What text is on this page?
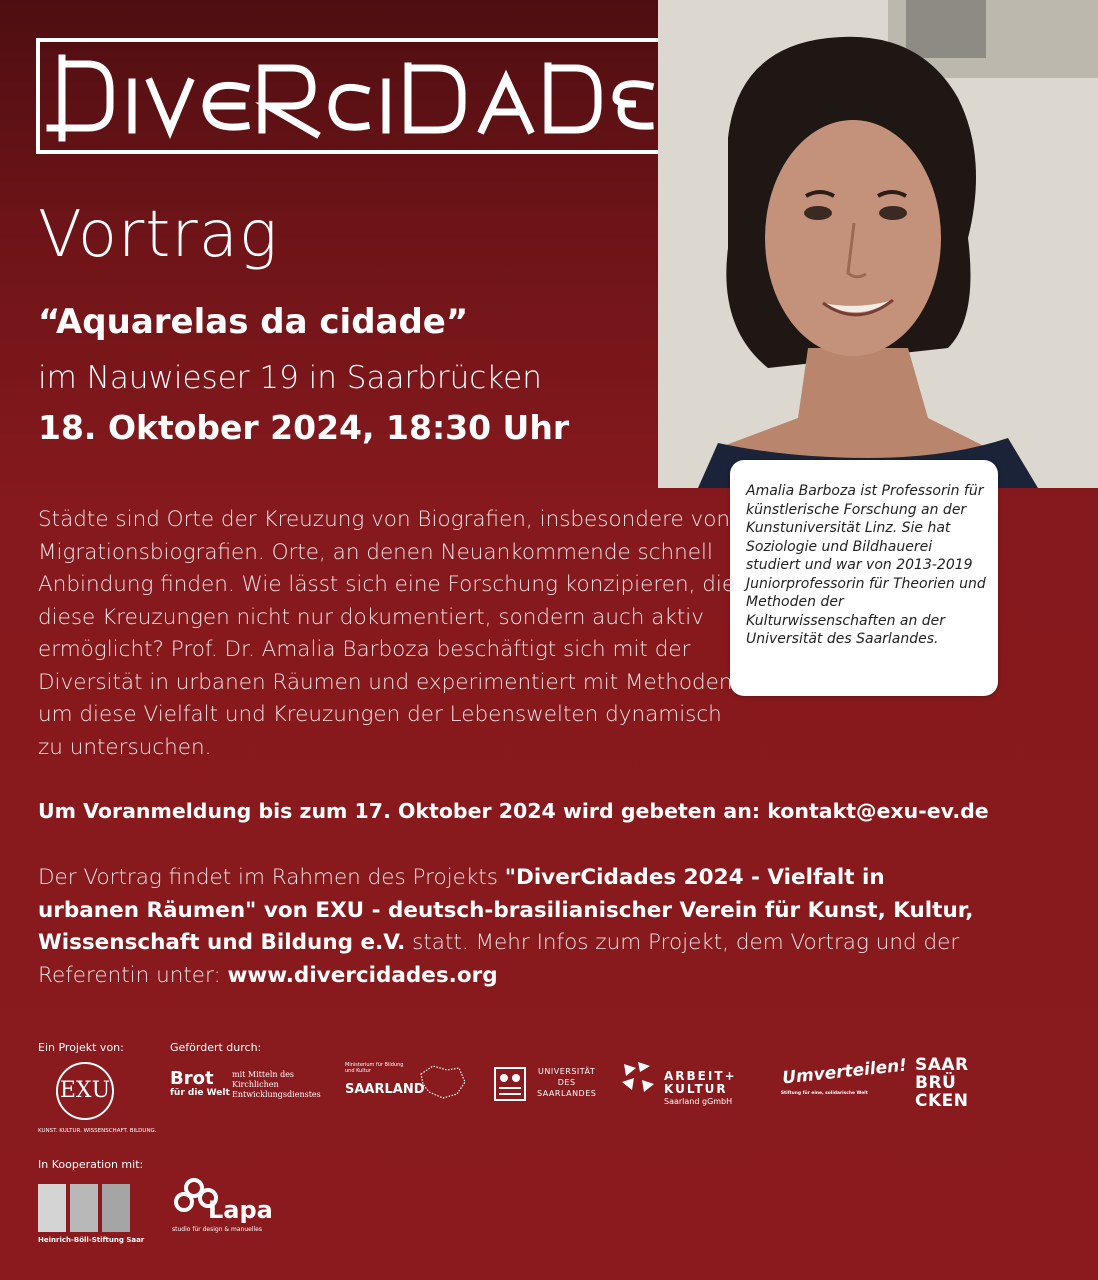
DiverCidades
Amalia Barboza ist Professorin für künstlerische Forschung an der Kunstuniversität Linz. Sie hat Soziologie und Bildhauerei studiert und war von 2013-2019 Juniorprofessorin für Theorien und Methoden der Kulturwissenschaften an der Universität des Saarlandes.
Vortrag
“Aquarelas da cidade”
im Nauwieser 19 in Saarbrücken
18. Oktober 2024, 18:30 Uhr
Städte sind Orte der Kreuzung von Biografien, insbesondere von Migrationsbiografien. Orte, an denen Neuankommende schnell Anbindung finden. Wie lässt sich eine Forschung konzipieren, die diese Kreuzungen nicht nur dokumentiert, sondern auch aktiv ermöglicht? Prof. Dr. Amalia Barboza beschäftigt sich mit der Diversität in urbanen Räumen und experimentiert mit Methoden, um diese Vielfalt und Kreuzungen der Lebenswelten dynamisch zu untersuchen.
Um Voranmeldung bis zum 17. Oktober 2024 wird gebeten an: kontakt@exu-ev.de
Der Vortrag findet im Rahmen des Projekts "DiverCidades 2024 - Vielfalt in urbanen Räumen" von EXU - deutsch-brasilianischer Verein für Kunst, Kultur, Wissenschaft und Bildung e.V. statt. Mehr Infos zum Projekt, dem Vortrag und der Referentin unter: www.divercidades.org
Ein Projekt von:	Gefördert durch:
In Kooperation mit:
EXU
KUNST. KULTUR. WISSENSCHAFT. BILDUNG.
Brot
für die Welt
mit Mitteln des Kirchlichen Entwicklungsdienstes
Ministerium für Bildung und Kultur
SAARLAND
UNIVERSITÄT
DES
SAARLANDES
ARBEIT+
KULTUR
Saarland gGmbH
Umverteilen!
Stiftung für eine, solidarische Welt
SAAR
BRÜ
CKEN
Heinrich-Böll-Stiftung Saar
Lapa
studio für design & manuelles
